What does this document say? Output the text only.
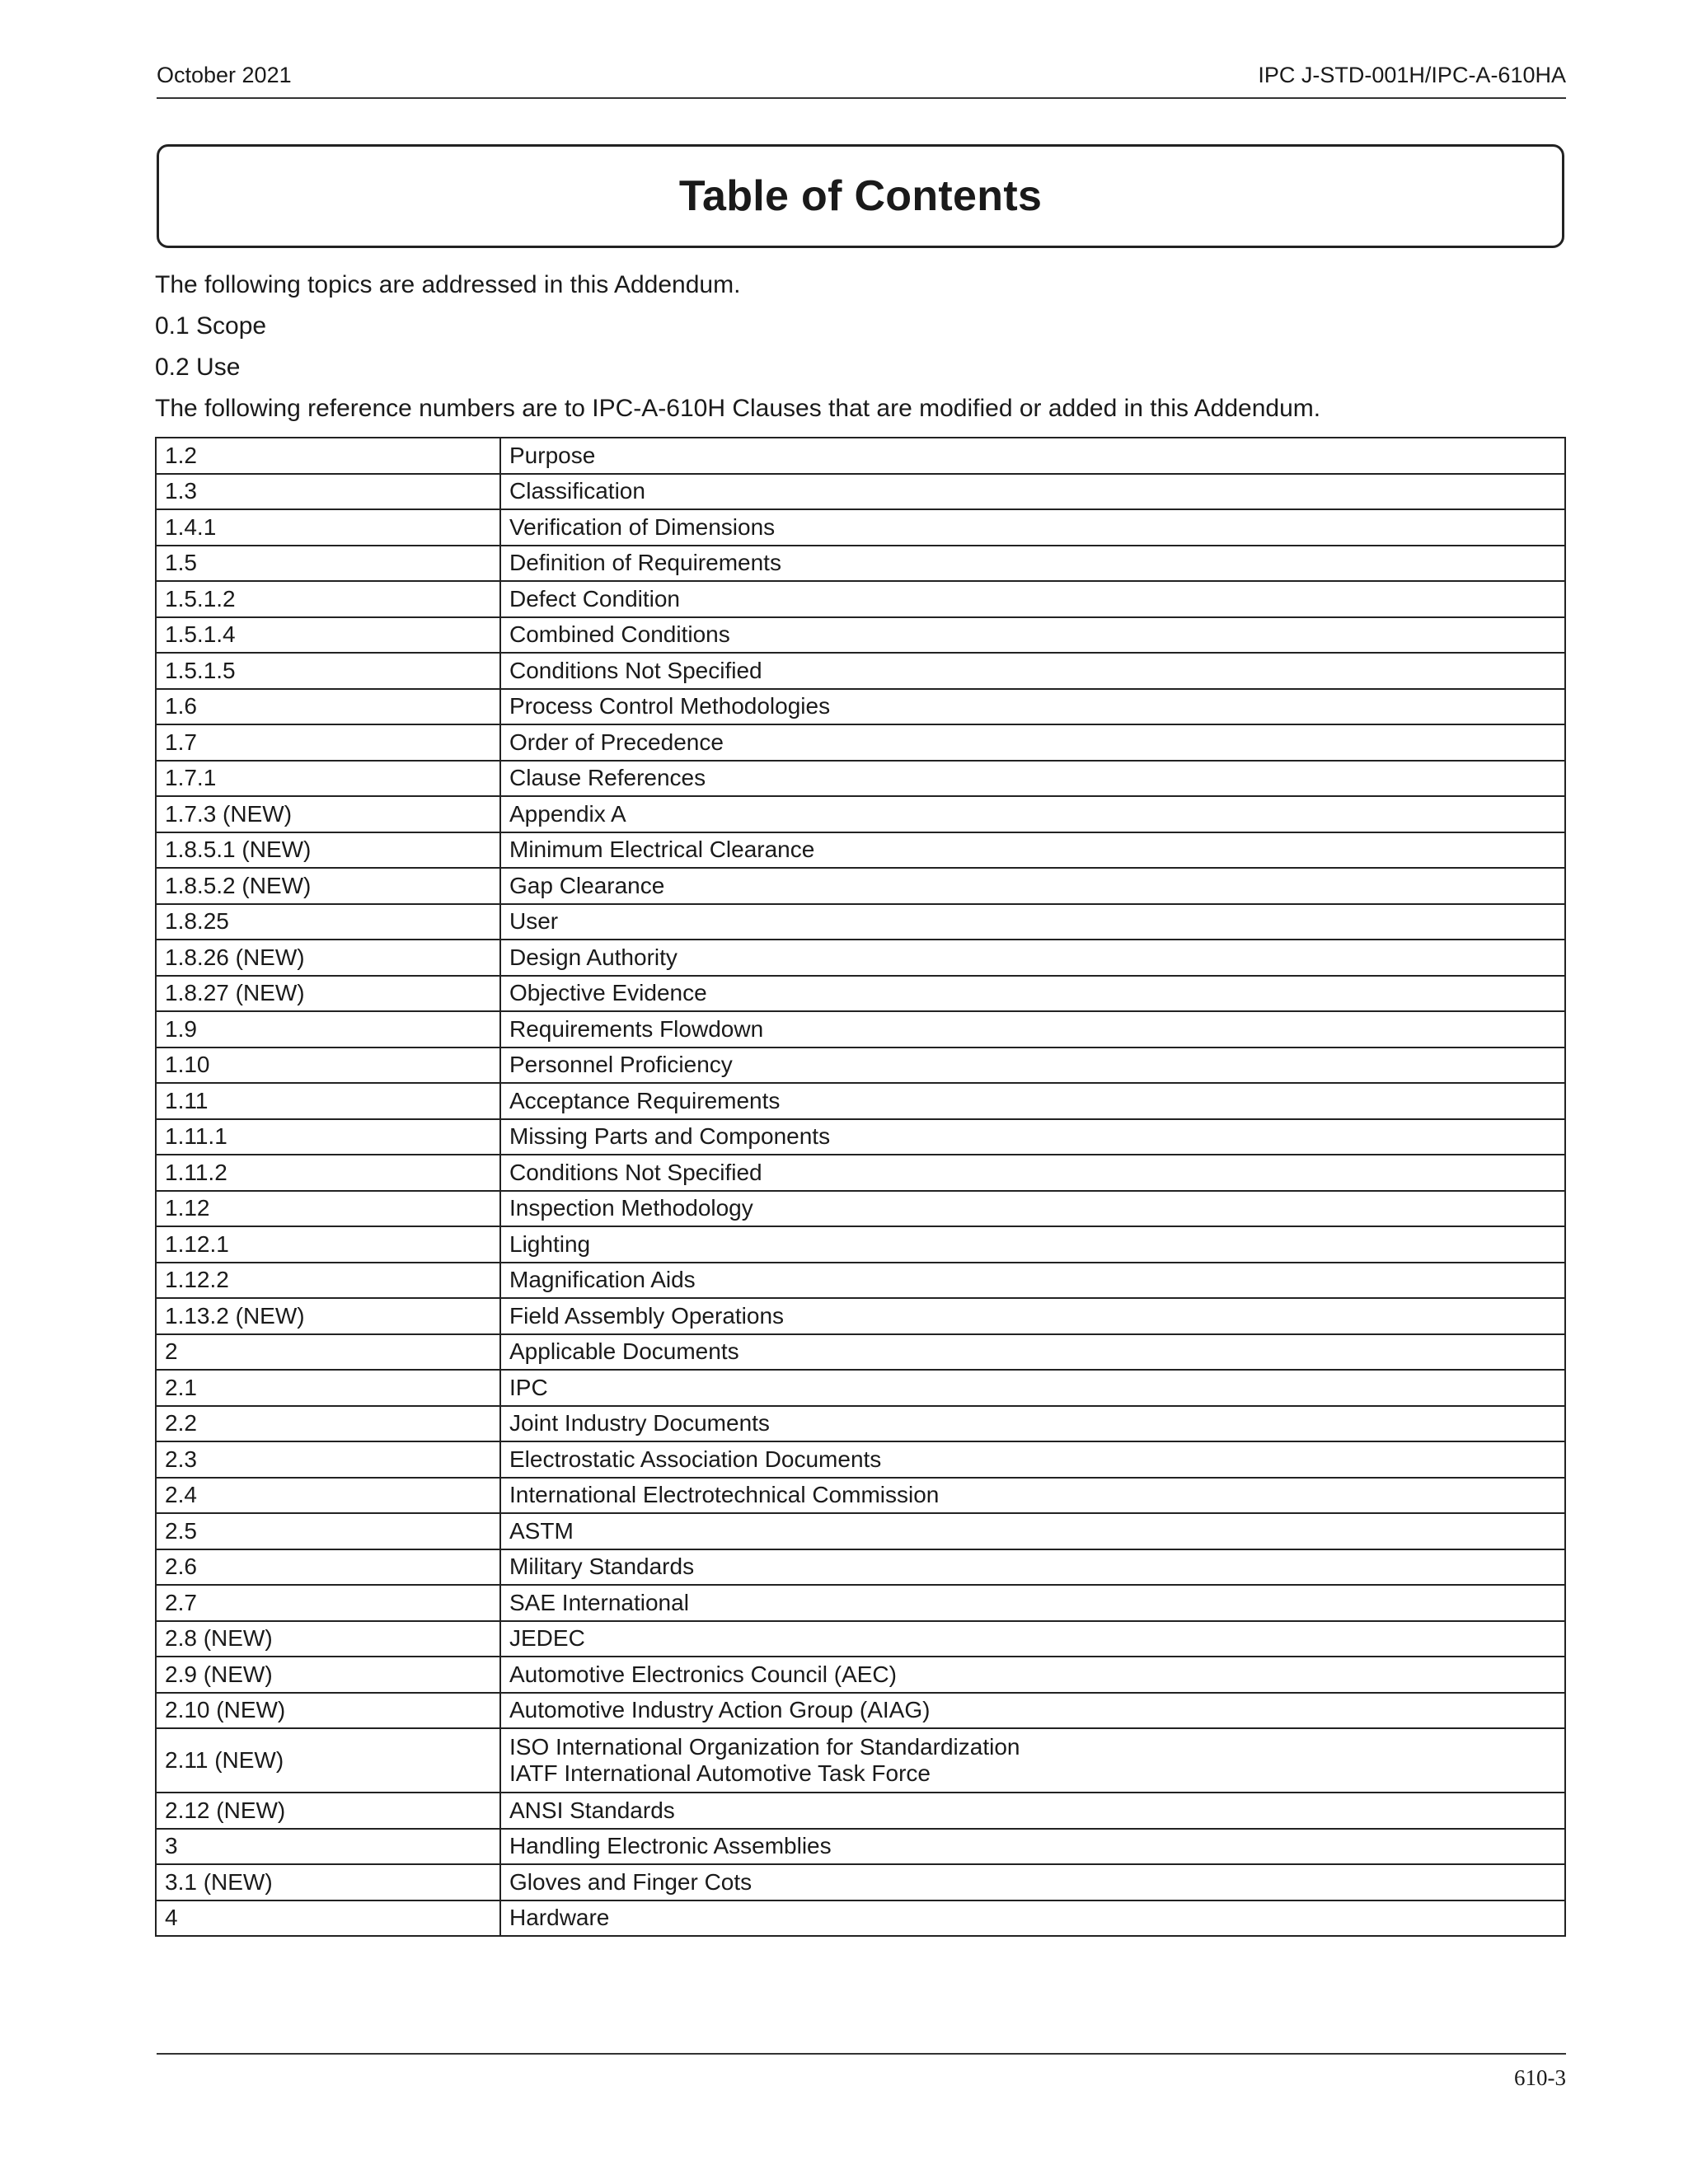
October 2021	IPC J-STD-001H/IPC-A-610HA
Table of Contents
The following topics are addressed in this Addendum.
0.1 Scope
0.2 Use
The following reference numbers are to IPC-A-610H Clauses that are modified or added in this Addendum.
1.2	Purpose

1.3	Classification

1.4.1	Verification of Dimensions

1.5	Definition of Requirements

1.5.1.2	Defect Condition

1.5.1.4	Combined Conditions

1.5.1.5	Conditions Not Specified

1.6	Process Control Methodologies

1.7	Order of Precedence

1.7.1	Clause References

1.7.3 (NEW)	Appendix A

1.8.5.1 (NEW)	Minimum Electrical Clearance

1.8.5.2 (NEW)	Gap Clearance

1.8.25	User

1.8.26 (NEW)	Design Authority

1.8.27 (NEW)	Objective Evidence

1.9	Requirements Flowdown

1.10	Personnel Proficiency

1.11	Acceptance Requirements

1.11.1	Missing Parts and Components

1.11.2	Conditions Not Specified

1.12	Inspection Methodology

1.12.1	Lighting

1.12.2	Magnification Aids

1.13.2 (NEW)	Field Assembly Operations

2	Applicable Documents

2.1	IPC

2.2	Joint Industry Documents

2.3	Electrostatic Association Documents

2.4	International Electrotechnical Commission

2.5	ASTM

2.6	Military Standards

2.7	SAE International

2.8 (NEW)	JEDEC

2.9 (NEW)	Automotive Electronics Council (AEC)

2.10 (NEW)	Automotive Industry Action Group (AIAG)

2.11 (NEW)	ISO International Organization for Standardization
IATF International Automotive Task Force

2.12 (NEW)	ANSI Standards

3	Handling Electronic Assemblies

3.1 (NEW)	Gloves and Finger Cots

4	Hardware
610-3
